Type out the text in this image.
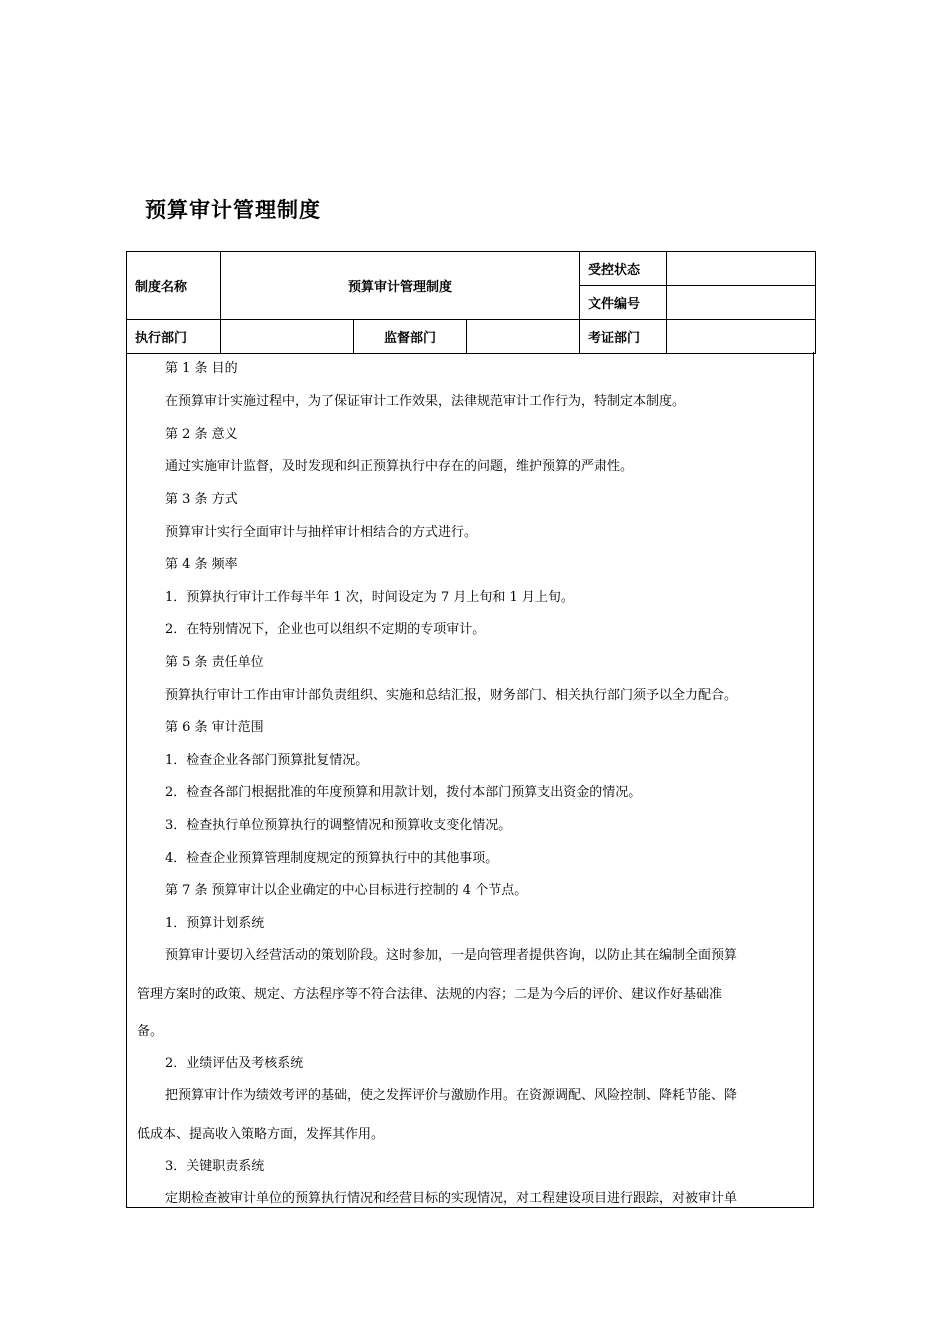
预算审计管理制度
制度名称	预算审计管理制度			受控状态	
				文件编号	
执行部门		监督部门		考证部门	
第 1 条 目的
在预算审计实施过程中，为了保证审计工作效果，法律规范审计工作行为，特制定本制度。
第 2 条 意义
通过实施审计监督，及时发现和纠正预算执行中存在的问题，维护预算的严肃性。
第 3 条 方式
预算审计实行全面审计与抽样审计相结合的方式进行。
第 4 条 频率
1．预算执行审计工作每半年 1 次，时间设定为 7 月上旬和 1 月上旬。
2．在特别情况下，企业也可以组织不定期的专项审计。
第 5 条 责任单位
预算执行审计工作由审计部负责组织、实施和总结汇报，财务部门、相关执行部门须予以全力配合。
第 6 条 审计范围
1．检查企业各部门预算批复情况。
2．检查各部门根据批准的年度预算和用款计划，拨付本部门预算支出资金的情况。
3．检查执行单位预算执行的调整情况和预算收支变化情况。
4．检查企业预算管理制度规定的预算执行中的其他事项。
第 7 条 预算审计以企业确定的中心目标进行控制的 4 个节点。
1．预算计划系统
预算审计要切入经营活动的策划阶段。这时参加，一是向管理者提供咨询，以防止其在编制全面预算
管理方案时的政策、规定、方法程序等不符合法律、法规的内容；二是为今后的评价、建议作好基础准
备。
2．业绩评估及考核系统
把预算审计作为绩效考评的基础，使之发挥评价与激励作用。在资源调配、风险控制、降耗节能、降
低成本、提高收入策略方面，发挥其作用。
3．关键职责系统
定期检查被审计单位的预算执行情况和经营目标的实现情况，对工程建设项目进行跟踪，对被审计单
